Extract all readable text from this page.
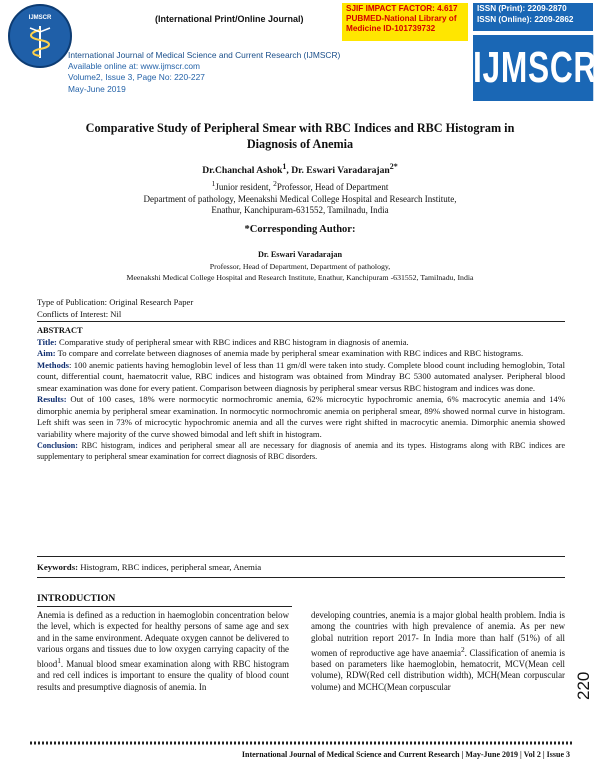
IJMSCR	(International Print/Online Journal)
SJIF IMPACT FACTOR: 4.617
PUBMED-National Library of
Medicine ID-101739732
ISSN (Print): 2209-2870
ISSN (Online): 2209-2862
IJMSCR
International Journal of Medical Science and Current Research (IJMSCR)
Available online at: www.ijmscr.com
Volume2, Issue 3, Page No: 220-227
May-June 2019
Comparative Study of Peripheral Smear with RBC Indices and RBC Histogram in
Diagnosis of Anemia
Dr.Chanchal Ashok$^1$, Dr. Eswari Varadarajan$^{2*}$
$^1$Junior resident, $^2$Professor, Head of Department
Department of pathology, Meenakshi Medical College Hospital and Research Institute,
Enathur, Kanchipuram-631552, Tamilnadu, India
*Corresponding Author:
Dr. Eswari Varadarajan
Professor, Head of Department, Department of pathology,
Meenakshi Medical College Hospital and Research Institute, Enathur, Kanchipuram -631552, Tamilnadu, India
Type of Publication: Original Research Paper
Conflicts of Interest: Nil

ABSTRACT

Title: Comparative study of peripheral smear with RBC indices and RBC histogram in diagnosis of anemia.

Aim: To compare and correlate between diagnoses of anemia made by peripheral smear examination with RBC indices and RBC histograms.

Methods: 100 anemic patients having hemoglobin level of less than 11 gm/dl were taken into study. Complete blood count including hemoglobin, Total count, differential count, haematocrit value, RBC indices and histogram was obtained from Mindray BC 5300 automated analyser. Peripheral blood smear examination was done for every patient. Comparison between diagnosis by peripheral smear versus RBC histogram and indices was done.

Results: Out of 100 cases, 18% were normocytic normochromic anemia, 62% microcytic hypochromic anemia, 6% macrocytic anemia and 14% dimorphic anemia by peripheral smear examination. In normocytic normochromic anemia on peripheral smear, 89% showed normal curve in histogram. Left shift was seen in 73% of microcytic hypochromic anemia and all the curves were right shifted in macrocytic anemia. Dimorphic anemia showed variability where majority of the curve showed bimodal and left shift in histogram.

Conclusion: RBC histogram, indices and peripheral smear all are necessary for diagnosis of anemia and its types. Histograms along with RBC indices are supplementary to peripheral smear examination for correct diagnosis of RBC disorders.

Keywords: Histogram, RBC indices, peripheral smear, Anemia
INTRODUCTION

Anemia is defined as a reduction in haemoglobin concentration below the level, which is expected for healthy persons of same age and sex and in the same environment. Adequate oxygen cannot be delivered to various organs and tissues due to low oxygen carrying capacity of the blood$^1$. Manual blood smear examination along with RBC histogram and red cell indices is important to ensure the quality of blood count results and presumptive diagnosis of anemia. In

developing countries, anemia is a major global health problem. India is among the countries with high prevalence of anemia. As per new global nutrition report 2017- In India more than half (51%) of all women of reproductive age have anaemia$^2$. Classification of anemia is based on parameters like haemoglobin, hematocrit, MCV(Mean cell volume), RDW(Red cell distribution width), MCH(Mean corpuscular volume) and MCHC(Mean corpuscular	220
International Journal of Medical Science and Current Research | May-June 2019 | Vol 2 | Issue 3
